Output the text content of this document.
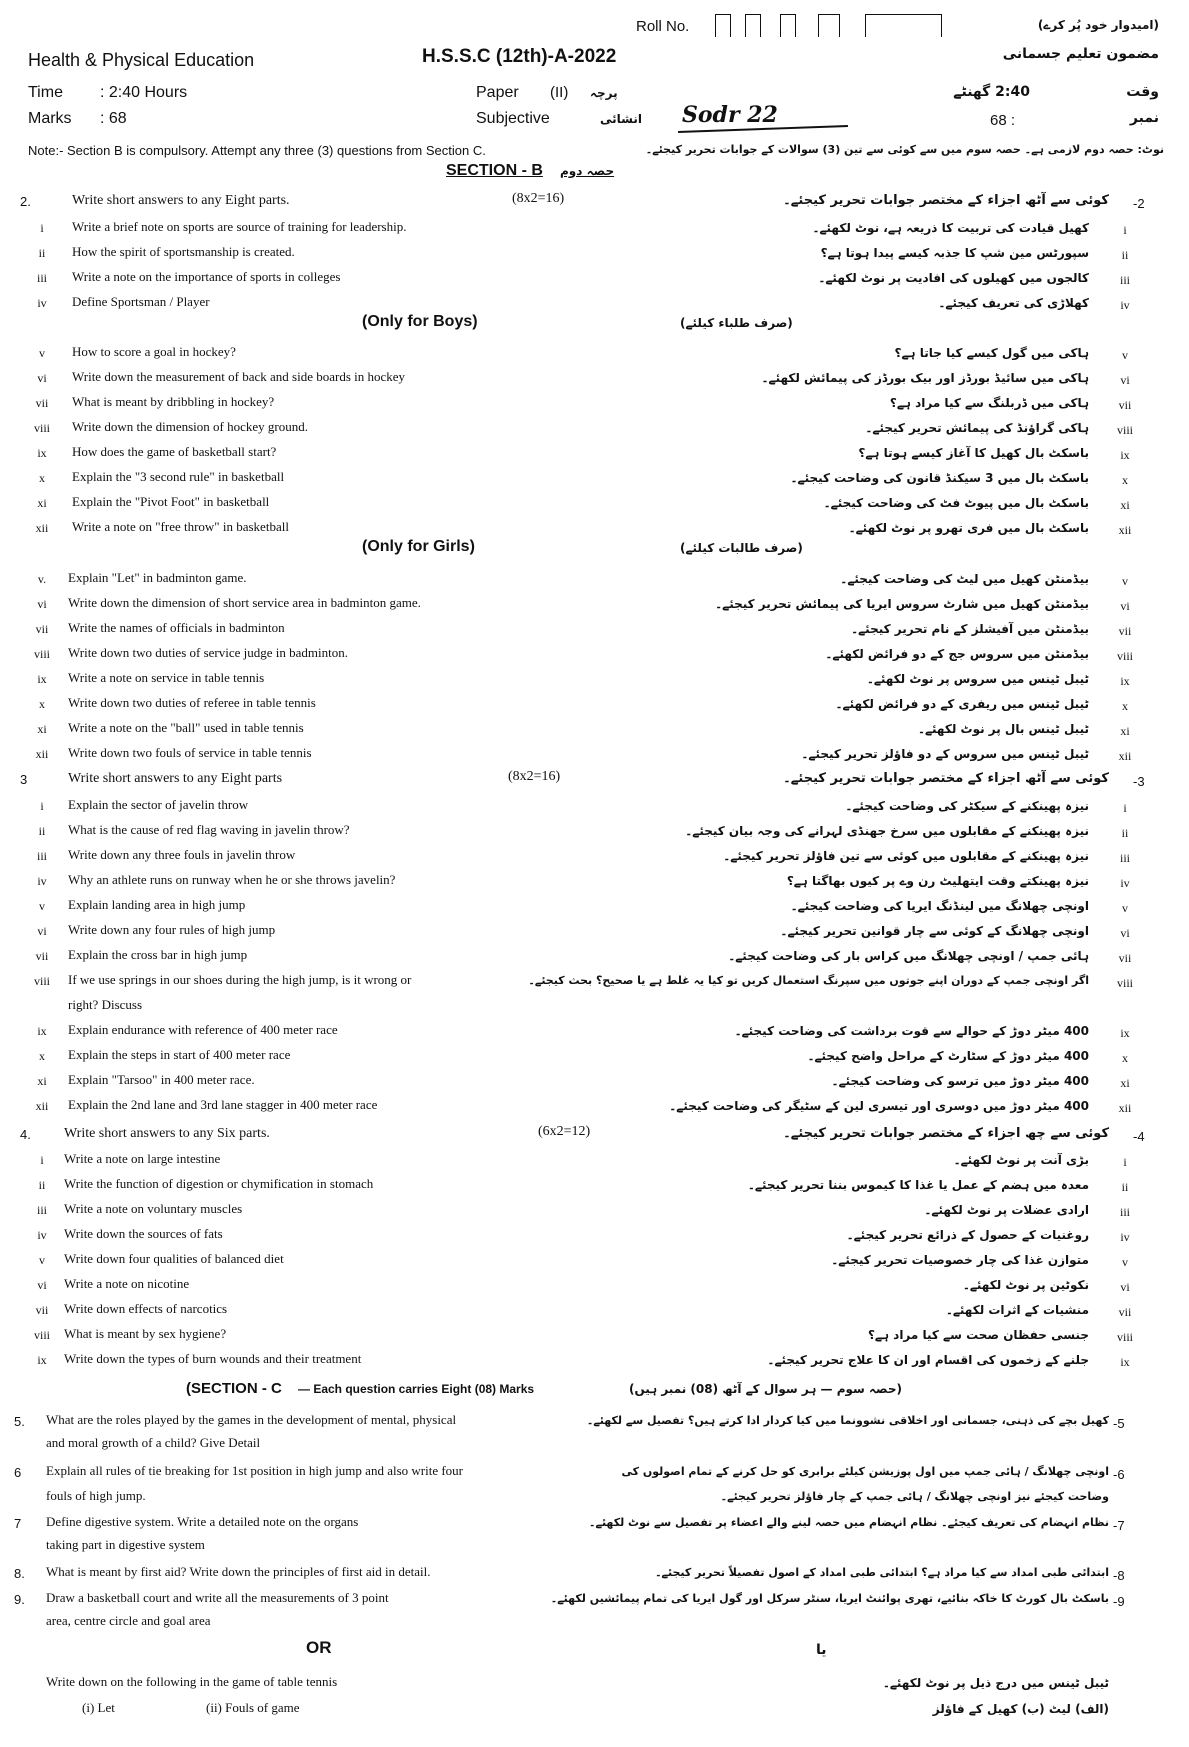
Roll No.	(امیدوار خود پُر کرے)
Health & Physical Education	H.S.S.C (12th)-A-2022	مضمون تعلیم جسمانی
Time : 2:40 Hours	Paper (II) پرچہ	2:40 گھنٹے	وقت
Marks : 68	Subjective	انشائی	Sodr 22	68 :	نمبر
Note:- Section B is compulsory. Attempt any three (3) questions from Section C.	نوٹ: حصہ دوم لازمی ہے۔ حصہ سوم میں سے کوئی سے تین (3) سوالات کے جوابات تحریر کیجئے۔
SECTION - B حصہ دوم
2.	Write short answers to any Eight parts.	(8x2=16)	کوئی سے آٹھ اجزاء کے مختصر جوابات تحریر کیجئے۔ -2
i	Write a brief note on sports are source of training for leadership.	کھیل قیادت کی تربیت کا ذریعہ ہے، نوٹ لکھئے۔	i
ii	How the spirit of sportsmanship is created.	سپورٹس مین شپ کا جذبہ کیسے پیدا ہوتا ہے؟	ii
iii	Write a note on the importance of sports in colleges	کالجوں میں کھیلوں کی افادیت پر نوٹ لکھئے۔	iii
iv	Define Sportsman / Player	کھلاڑی کی تعریف کیجئے۔	iv
(Only for Boys)	(صرف طلباء کیلئے)
v	How to score a goal in hockey?	ہاکی میں گول کیسے کیا جاتا ہے؟	v
vi	Write down the measurement of back and side boards in hockey	ہاکی میں سائیڈ بورڈز اور بیک بورڈز کی پیمائش لکھئے۔	vi
vii	What is meant by dribbling in hockey?	ہاکی میں ڈربلنگ سے کیا مراد ہے؟	vii
viii	Write down the dimension of hockey ground.	ہاکی گراؤنڈ کی پیمائش تحریر کیجئے۔	viii
ix	How does the game of basketball start?	باسکٹ بال کھیل کا آغاز کیسے ہوتا ہے؟	ix
x	Explain the "3 second rule" in basketball	باسکٹ بال میں 3 سیکنڈ قانون کی وضاحت کیجئے۔	x
xi	Explain the "Pivot Foot" in basketball	باسکٹ بال میں پیوٹ فٹ کی وضاحت کیجئے۔	xi
xii	Write a note on "free throw" in basketball	باسکٹ بال میں فری تھرو پر نوٹ لکھئے۔	xii
(Only for Girls)	(صرف طالبات کیلئے)
v.	Explain "Let" in badminton game.	بیڈمنٹن کھیل میں لیٹ کی وضاحت کیجئے۔	v
vi	Write down the dimension of short service area in badminton game.	بیڈمنٹن کھیل میں شارٹ سروس ایریا کی پیمائش تحریر کیجئے۔	vi
vii	Write the names of officials in badminton	بیڈمنٹن میں آفیشلز کے نام تحریر کیجئے۔	vii
viii	Write down two duties of service judge in badminton.	بیڈمنٹن میں سروس جج کے دو فرائض لکھئے۔	viii
ix	Write a note on service in table tennis	ٹیبل ٹینس میں سروس پر نوٹ لکھئے۔	ix
x	Write down two duties of referee in table tennis	ٹیبل ٹینس میں ریفری کے دو فرائض لکھئے۔	x
xi	Write a note on the "ball" used in table tennis	ٹیبل ٹینس بال پر نوٹ لکھئے۔	xi
xii	Write down two fouls of service in table tennis	ٹیبل ٹینس میں سروس کے دو فاؤلز تحریر کیجئے۔	xii
3	Write short answers to any Eight parts	(8x2=16)	کوئی سے آٹھ اجزاء کے مختصر جوابات تحریر کیجئے۔ -3
i	Explain the sector of javelin throw	نیزہ پھینکنے کے سیکٹر کی وضاحت کیجئے۔	i
ii	What is the cause of red flag waving in javelin throw?	نیزہ پھینکنے کے مقابلوں میں سرخ جھنڈی لہرانے کی وجہ بیان کیجئے۔	ii
iii	Write down any three fouls in javelin throw	نیزہ پھینکنے کے مقابلوں میں کوئی سے تین فاؤلز تحریر کیجئے۔	iii
iv	Why an athlete runs on runway when he or she throws javelin?	نیزہ پھینکتے وقت ایتھلیٹ رن وے پر کیوں بھاگتا ہے؟	iv
v	Explain landing area in high jump	اونچی چھلانگ میں لینڈنگ ایریا کی وضاحت کیجئے۔	v
vi	Write down any four rules of high jump	اونچی چھلانگ کے کوئی سے چار قوانین تحریر کیجئے۔	vi
vii	Explain the cross bar in high jump	ہائی جمپ / اونچی چھلانگ میں کراس بار کی وضاحت کیجئے۔	vii
viii	If we use springs in our shoes during the high jump, is it wrong or
right? Discuss
اگر اونچی جمپ کے دوران اپنے جوتوں میں سپرنگ استعمال کریں تو کیا یہ غلط ہے یا صحیح؟ بحث کیجئے۔	viii
ix	Explain endurance with reference of 400 meter race	400 میٹر دوڑ کے حوالے سے قوت برداشت کی وضاحت کیجئے۔	ix
x	Explain the steps in start of 400 meter race	400 میٹر دوڑ کے سٹارٹ کے مراحل واضح کیجئے۔	x
xi	Explain "Tarsoo" in 400 meter race.	400 میٹر دوڑ میں ترسو کی وضاحت کیجئے۔	xi
xii	Explain the 2nd lane and 3rd lane stagger in 400 meter race	400 میٹر دوڑ میں دوسری اور تیسری لین کے سٹیگر کی وضاحت کیجئے۔	xii
4.	Write short answers to any Six parts.	(6x2=12)	کوئی سے چھ اجزاء کے مختصر جوابات تحریر کیجئے۔ -4
i	Write a note on large intestine	بڑی آنت پر نوٹ لکھئے۔	i
ii	Write the function of digestion or chymification in stomach	معدہ میں ہضم کے عمل یا غذا کا کیموس بننا تحریر کیجئے۔	ii
iii	Write a note on voluntary muscles	ارادی عضلات پر نوٹ لکھئے۔	iii
iv	Write down the sources of fats	روغنیات کے حصول کے ذرائع تحریر کیجئے۔	iv
v	Write down four qualities of balanced diet	متوازن غذا کی چار خصوصیات تحریر کیجئے۔	v
vi	Write a note on nicotine	نکوٹین پر نوٹ لکھئے۔	vi
vii	Write down effects of narcotics	منشیات کے اثرات لکھئے۔	vii
viii	What is meant by sex hygiene?	جنسی حفظان صحت سے کیا مراد ہے؟	viii
ix	Write down the types of burn wounds and their treatment	جلنے کے زخموں کی اقسام اور ان کا علاج تحریر کیجئے۔	ix
(SECTION - C — Each question carries Eight (08) Marks	(حصہ سوم — ہر سوال کے آٹھ (08) نمبر ہیں)
5.	What are the roles played by the games in the development of mental, physical
and moral growth of a child? Give Detail
کھیل بچے کی ذہنی، جسمانی اور اخلاقی نشوونما میں کیا کردار ادا کرتے ہیں؟ تفصیل سے لکھئے۔ -5
6	Explain all rules of tie breaking for 1st position in high jump and also write four
fouls of high jump.
اونچی چھلانگ / ہائی جمپ میں اول پوزیشن کیلئے برابری کو حل کرنے کے تمام اصولوں کی
وضاحت کیجئے نیز اونچی چھلانگ / ہائی جمپ کے چار فاؤلز تحریر کیجئے۔
-6
7	Define digestive system. Write a detailed note on the organs
taking part in digestive system
نظام انہضام کی تعریف کیجئے۔ نظام انہضام میں حصہ لینے والے اعضاء پر تفصیل سے نوٹ لکھئے۔ -7
8.	What is meant by first aid? Write down the principles of first aid in detail.	ابتدائی طبی امداد سے کیا مراد ہے؟ ابتدائی طبی امداد کے اصول تفصیلاً تحریر کیجئے۔ -8
9.	Draw a basketball court and write all the measurements of 3 point
area, centre circle and goal area
باسکٹ بال کورٹ کا خاکہ بنائیے، تھری پوائنٹ ایریا، سنٹر سرکل اور گول ایریا کی تمام پیمائشیں لکھئے۔ -9
OR	یا
Write down on the following in the game of table tennis	ٹیبل ٹینس میں درج ذیل پر نوٹ لکھئے۔
(i) Let	(ii) Fouls of game	(الف) لیٹ (ب) کھیل کے فاؤلز
